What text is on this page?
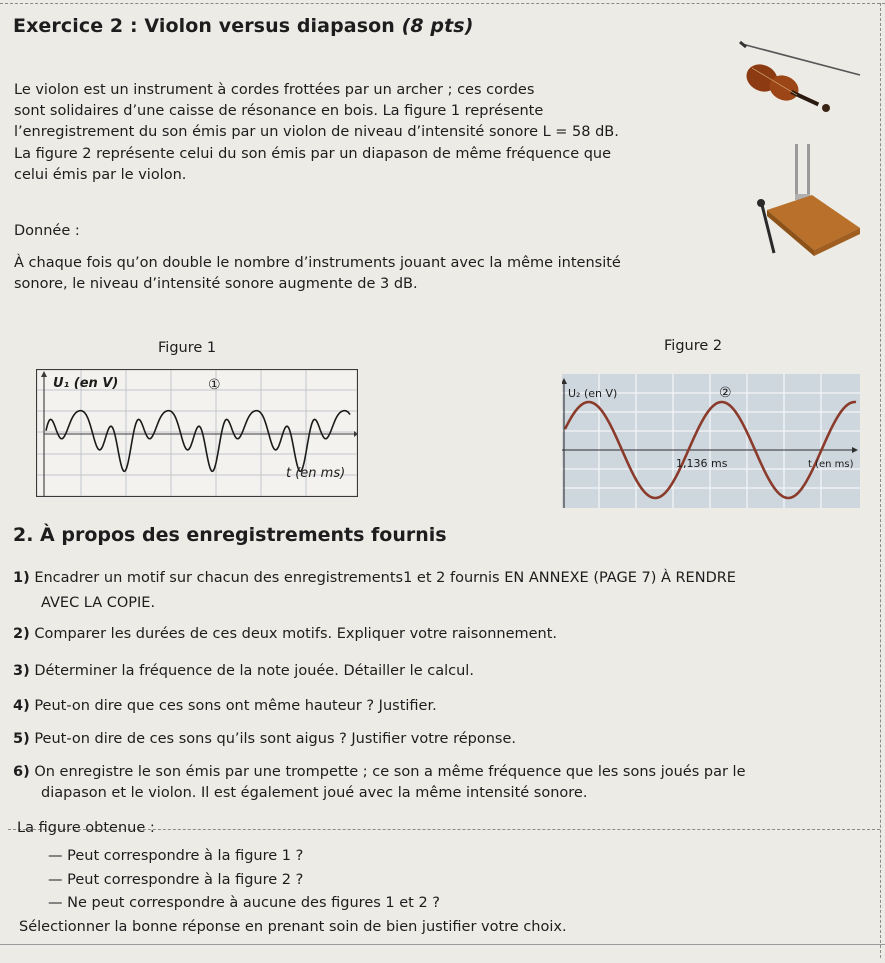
Exercice 2 : Violon versus diapason (8 pts)
Le violon est un instrument à cordes frottées par un archer ; ces cordes
sont solidaires d’une caisse de résonance en bois. La figure 1 représente
l’enregistrement du son émis par un violon de niveau d’intensité sonore L = 58 dB.
La figure 2 représente celui du son émis par un diapason de même fréquence que
celui émis par le violon.
Donnée :
À chaque fois qu’on double le nombre d’instruments jouant avec la même intensité
sonore, le niveau d’intensité sonore augmente de 3 dB.
Figure 1	Figure 2
U₁ (en V)	①
t (en ms)
U₂ (en V)	②
1,136 ms	t (en ms)
2. À propos des enregistrements fournis
1) Encadrer un motif sur chacun des enregistrements1 et 2 fournis EN ANNEXE (PAGE 7) À RENDRE
AVEC LA COPIE.
2) Comparer les durées de ces deux motifs. Expliquer votre raisonnement.
3) Déterminer la fréquence de la note jouée. Détailler le calcul.
4) Peut-on dire que ces sons ont même hauteur ? Justifier.
5) Peut-on dire de ces sons qu’ils sont aigus ? Justifier votre réponse.
6) On enregistre le son émis par une trompette ; ce son a même fréquence que les sons joués par le
diapason et le violon. Il est également joué avec la même intensité sonore.
La figure obtenue :
— Peut correspondre à la figure 1 ?
— Peut correspondre à la figure 2 ?
— Ne peut correspondre à aucune des figures 1 et 2 ?
Sélectionner la bonne réponse en prenant soin de bien justifier votre choix.
